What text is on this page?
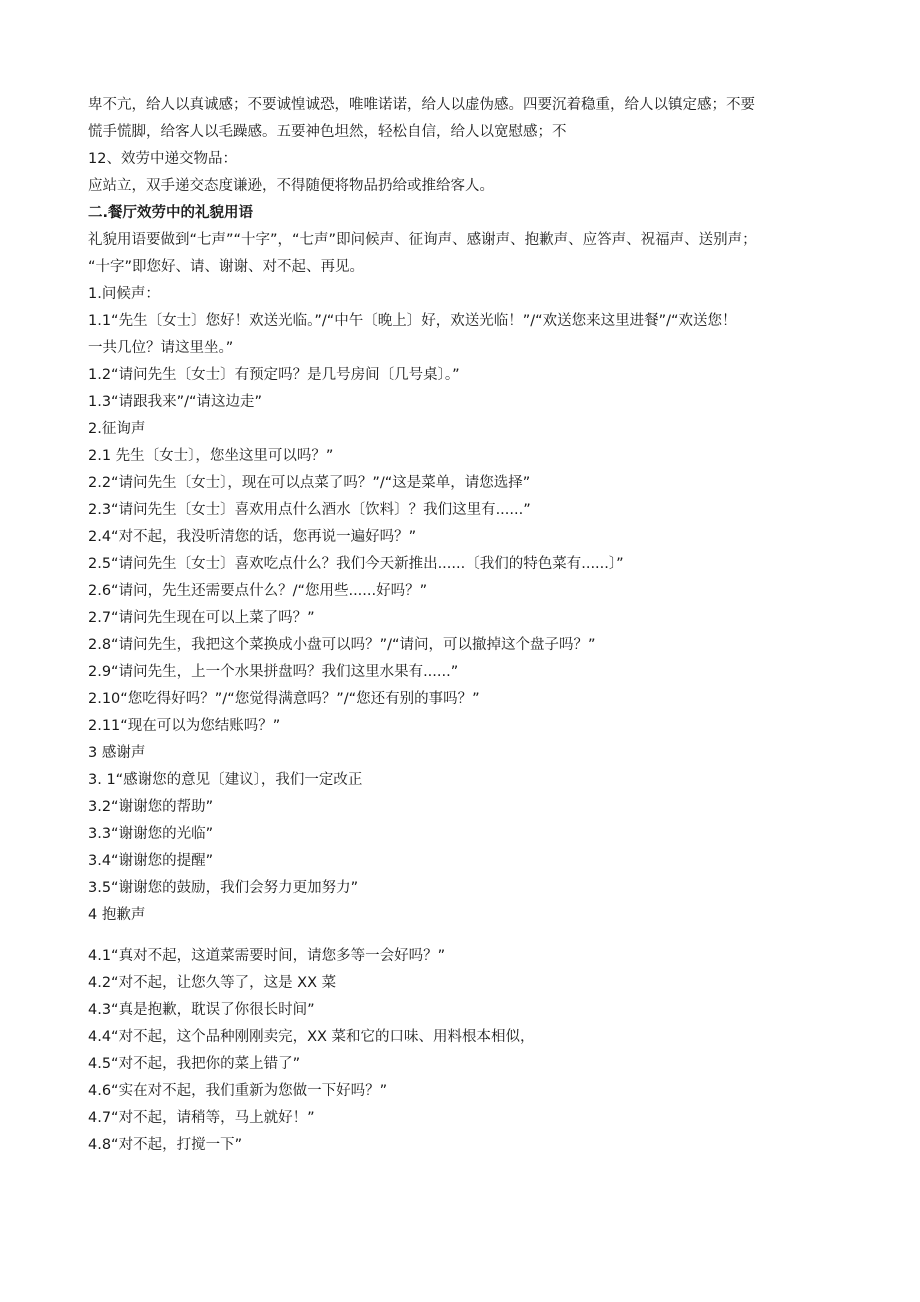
卑不亢，给人以真诚感；不要诚惶诚恐，唯唯诺诺，给人以虚伪感。四要沉着稳重，给人以镇定感；不要
慌手慌脚，给客人以毛躁感。五要神色坦然，轻松自信，给人以宽慰感；不
12、效劳中递交物品：
应站立，双手递交态度谦逊，不得随便将物品扔给或推给客人。
二.餐厅效劳中的礼貌用语
礼貌用语要做到“七声”“十字”，“七声”即问候声、征询声、感谢声、抱歉声、应答声、祝福声、送别声；
“十字”即您好、请、谢谢、对不起、再见。
1.问候声：
1.1“先生〔女士〕您好！欢送光临。”/“中午〔晚上〕好，欢送光临！”/“欢送您来这里进餐”/“欢送您！
一共几位？请这里坐。”
1.2“请问先生〔女士〕有预定吗？是几号房间〔几号桌〕。”
1.3“请跟我来”/“请这边走”
2.征询声
2.1 先生〔女士〕，您坐这里可以吗？”
2.2“请问先生〔女士〕，现在可以点菜了吗？”/“这是菜单，请您选择”
2.3“请问先生〔女士〕喜欢用点什么酒水〔饮料〕？我们这里有......”
2.4“对不起，我没听清您的话，您再说一遍好吗？”
2.5“请问先生〔女士〕喜欢吃点什么？我们今天新推出......〔我们的特色菜有......〕”
2.6“请问，先生还需要点什么？/“您用些......好吗？”
2.7“请问先生现在可以上菜了吗？”
2.8“请问先生，我把这个菜换成小盘可以吗？”/“请问，可以撤掉这个盘子吗？”
2.9“请问先生，上一个水果拼盘吗？我们这里水果有......”
2.10“您吃得好吗？”/“您觉得满意吗？”/“您还有别的事吗？”
2.11“现在可以为您结账吗？”
3 感谢声
3. 1“感谢您的意见〔建议〕，我们一定改正
3.2“谢谢您的帮助”
3.3“谢谢您的光临”
3.4“谢谢您的提醒”
3.5“谢谢您的鼓励，我们会努力更加努力”
4 抱歉声
4.1“真对不起，这道菜需要时间，请您多等一会好吗？”
4.2“对不起，让您久等了，这是 XX 菜
4.3“真是抱歉，耽误了你很长时间”
4.4“对不起，这个品种刚刚卖完，XX 菜和它的口味、用料根本相似，
4.5“对不起，我把你的菜上错了”
4.6“实在对不起，我们重新为您做一下好吗？”
4.7“对不起，请稍等，马上就好！”
4.8“对不起，打搅一下”
